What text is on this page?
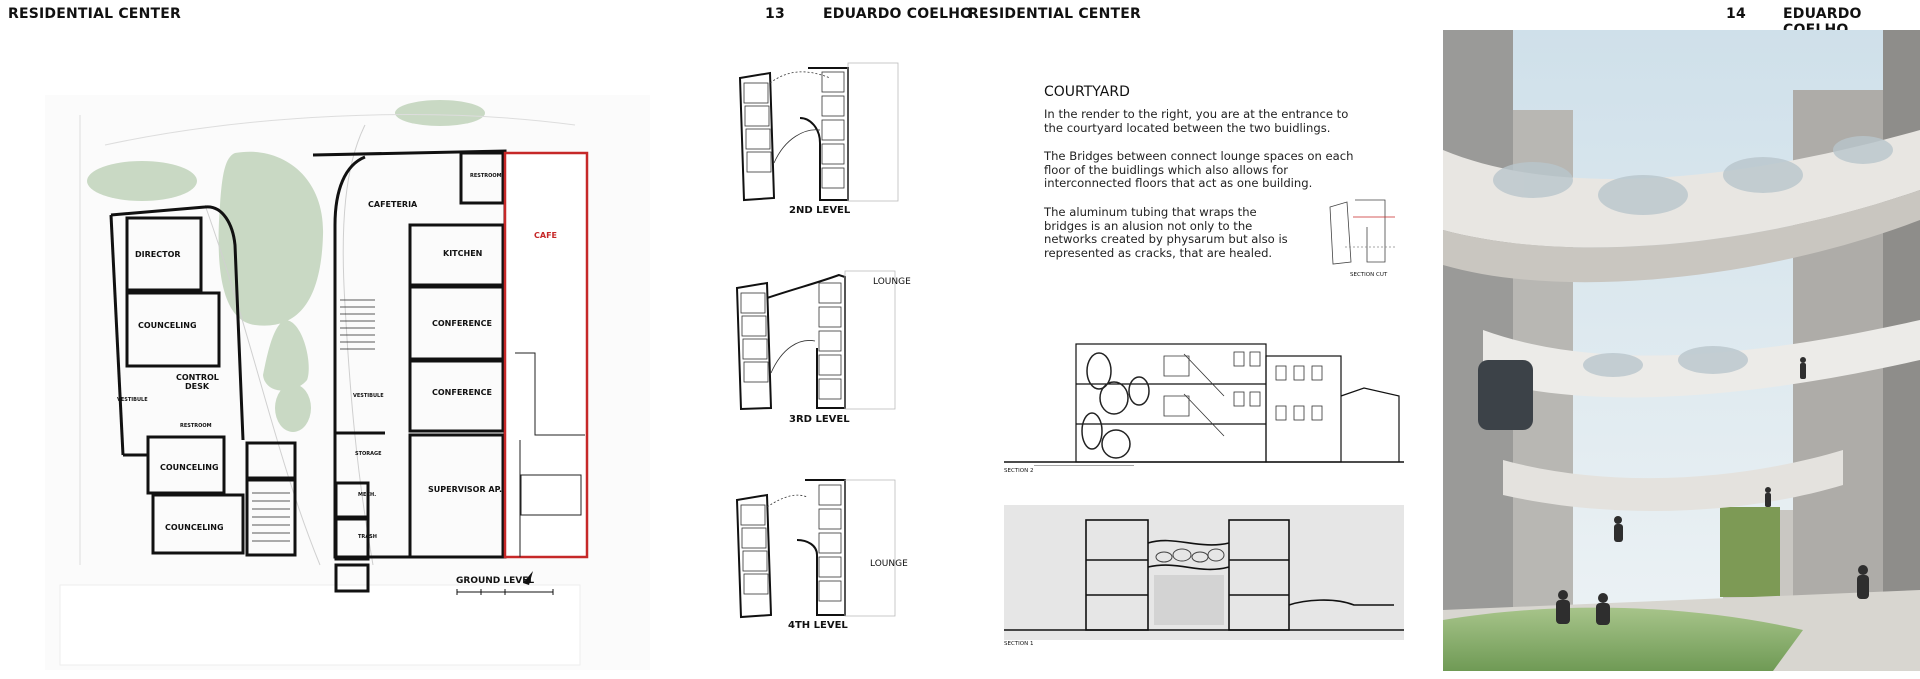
RESIDENTIAL CENTER	13	EDUARDO COELHO
DIRECTOR
COUNCELING
CONTROL
DESK
VESTIBULE
RESTROOM
COUNCELING
COUNCELING
CAFETERIA
RESTROOM
KITCHEN
CONFERENCE
CONFERENCE
VESTIBULE
STORAGE
MECH.
TRASH
SUPERVISOR AP.
CAFE
GROUND LEVEL
2ND LEVEL
LOUNGE
3RD LEVEL
LOUNGE
4TH LEVEL
RESIDENTIAL CENTER	14	EDUARDO
COURTYARD

In the render to the right, you are at the entrance to the courtyard located between the two buidlings.

The Bridges between connect lounge spaces on each floor of the buidlings which also allows for interconnected floors that act as one building.

The aluminum tubing that wraps the bridges is an alusion not only to the networks created by physarum but also is represented as cracks, that are healed.

SECTION CUT
SECTION 2
SECTION 1
